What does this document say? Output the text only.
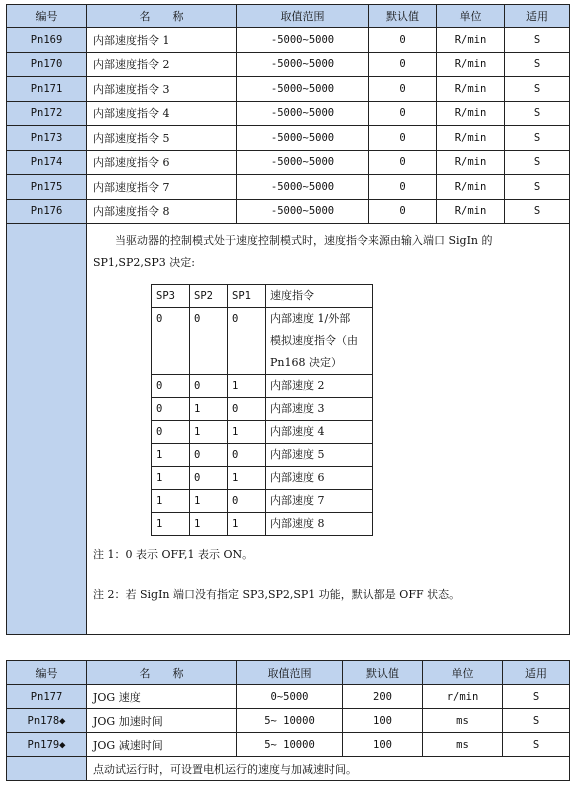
编号	名　　称	取值范围	默认值	单位	适用
Pn169	内部速度指令 1	-5000~5000	0	R/min	S
Pn170	内部速度指令 2	-5000~5000	0	R/min	S
Pn171	内部速度指令 3	-5000~5000	0	R/min	S
Pn172	内部速度指令 4	-5000~5000	0	R/min	S
Pn173	内部速度指令 5	-5000~5000	0	R/min	S
Pn174	内部速度指令 6	-5000~5000	0	R/min	S
Pn175	内部速度指令 7	-5000~5000	0	R/min	S
Pn176	内部速度指令 8	-5000~5000	0	R/min	S

当驱动器的控制模式处于速度控制模式时，速度指令来源由输入端口 SigIn 的
SP1,SP2,SP3 决定:
SP3	SP2	SP1	速度指令
0	0	0	内部速度 1/外部
模拟速度指令（由
Pn168 决定）

0	0	1	内部速度 2
0	1	0	内部速度 3
0	1	1	内部速度 4
1	0	0	内部速度 5
1	0	1	内部速度 6
1	1	0	内部速度 7
1	1	1	内部速度 8
注 1：0 表示 OFF,1 表示 ON。
注 2：若 SigIn 端口没有指定 SP3,SP2,SP1 功能，默认都是 OFF 状态。
编号	名　　称	取值范围	默认值	单位	适用
Pn177	JOG 速度	0~5000	200	r/min	S
Pn178◆	JOG 加速时间	5~ 10000	100	ms	S
Pn179◆	JOG 减速时间	5~ 10000	100	ms	S
	点动试运行时，可设置电机运行的速度与加减速时间。				
